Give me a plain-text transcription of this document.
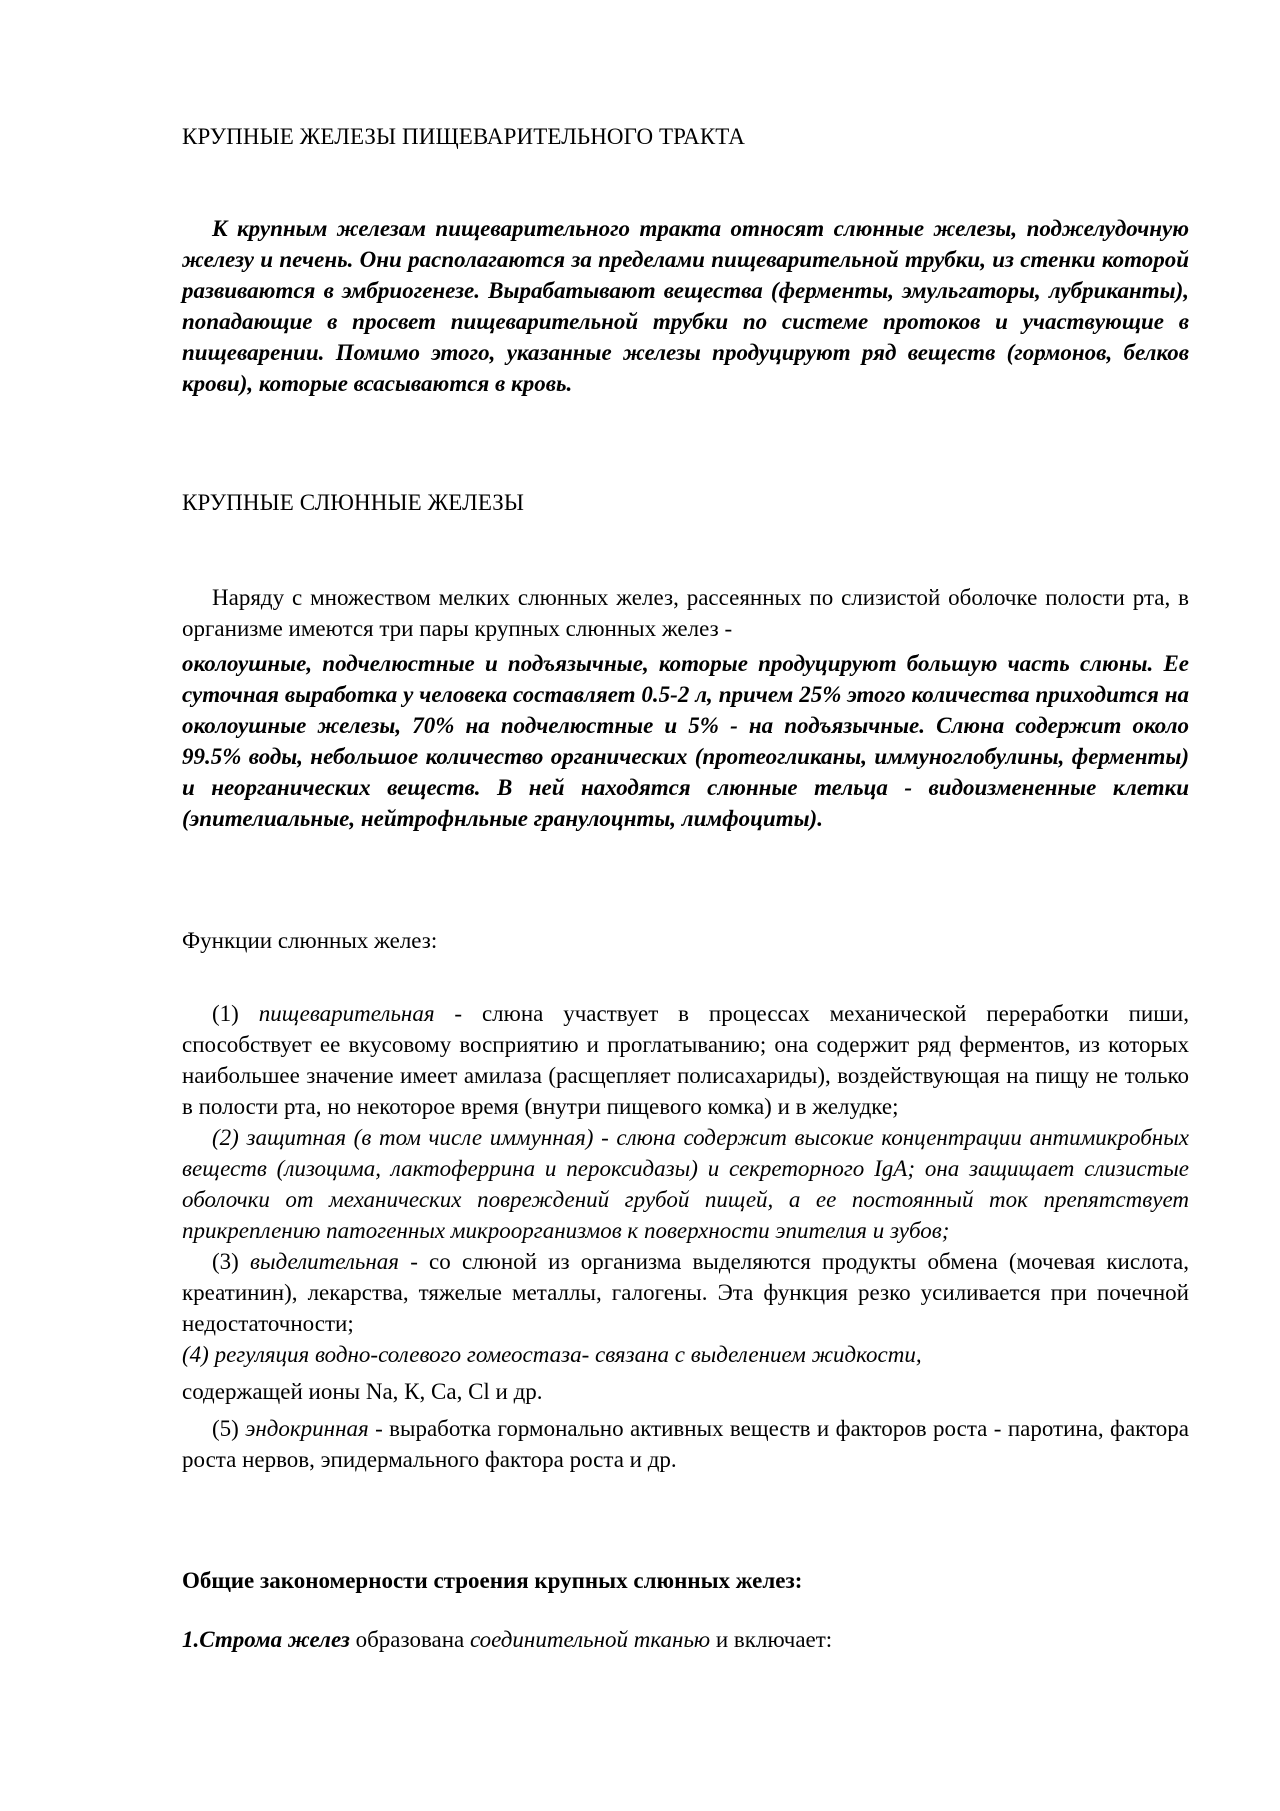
КРУПНЫЕ ЖЕЛЕЗЫ ПИЩЕВАРИТЕЛЬНОГО ТРАКТА

К крупным железам пищеварительного тракта относят слюнные железы, поджелудочную железу и печень. Они располагаются за пределами пищеварительной трубки, из стенки которой развиваются в эмбриогенезе. Вырабатывают вещества (ферменты, эмульгаторы, лубриканты), попадающие в просвет пищеварительной трубки по системе протоков и участвующие в пищеварении. Помимо этого, указанные железы продуцируют ряд веществ (гормонов, белков крови), которые всасываются в кровь.

КРУПНЫЕ СЛЮННЫЕ ЖЕЛЕЗЫ

Наряду с множеством мелких слюнных желез, рассеянных по слизистой оболочке полости рта, в организме имеются три пары крупных слюнных желез -

околоушные, подчелюстные и подъязычные, которые продуцируют большую часть слюны. Ее суточная выработка у человека составляет 0.5-2 л, причем 25% этого количества приходится на околоушные железы, 70% на подчелюстные и 5% - на подъязычные. Слюна содержит около 99.5% воды, небольшое количество органических (протеогликаны, иммуноглобулины, ферменты) и неорганических веществ. В ней находятся слюнные тельца - видоизмененные клетки (эпителиальные, нейтрофнльные гранулоцнты, лимфоциты).

Функции слюнных желез:

(1) пищеварительная - слюна участвует в процессах механической переработки пиши, способствует ее вкусовому восприятию и проглатыванию; она содержит ряд ферментов, из которых наибольшее значение имеет амилаза (расщепляет полисахариды), воздействующая на пищу не только в полости рта, но некоторое время (внутри пищевого комка) и в желудке;

(2) защитная (в том числе иммунная) - слюна содержит высокие концентрации антимикробных веществ (лизоцима, лактоферрина и пероксидазы) и секреторного IgA; она защищает слизистые оболочки от механических повреждений грубой пищей, а ее постоянный ток препятствует прикреплению патогенных микроорганизмов к поверхности эпителия и зубов;

(3) выделительная - со слюной из организма выделяются продукты обмена (мочевая кислота, креатинин), лекарства, тяжелые металлы, галогены. Эта функция резко усиливается при почечной недостаточности;

(4) регуляция водно-солевого гомеостаза- связана с выделением жидкости,

содержащей ионы Na, К, Са, Cl и др.

(5) эндокринная - выработка гормонально активных веществ и факторов роста - паротина, фактора роста нервов, эпидермального фактора роста и др.

Общие закономерности строения крупных слюнных желез:

1.Строма желез образована соединительной тканью и включает:
